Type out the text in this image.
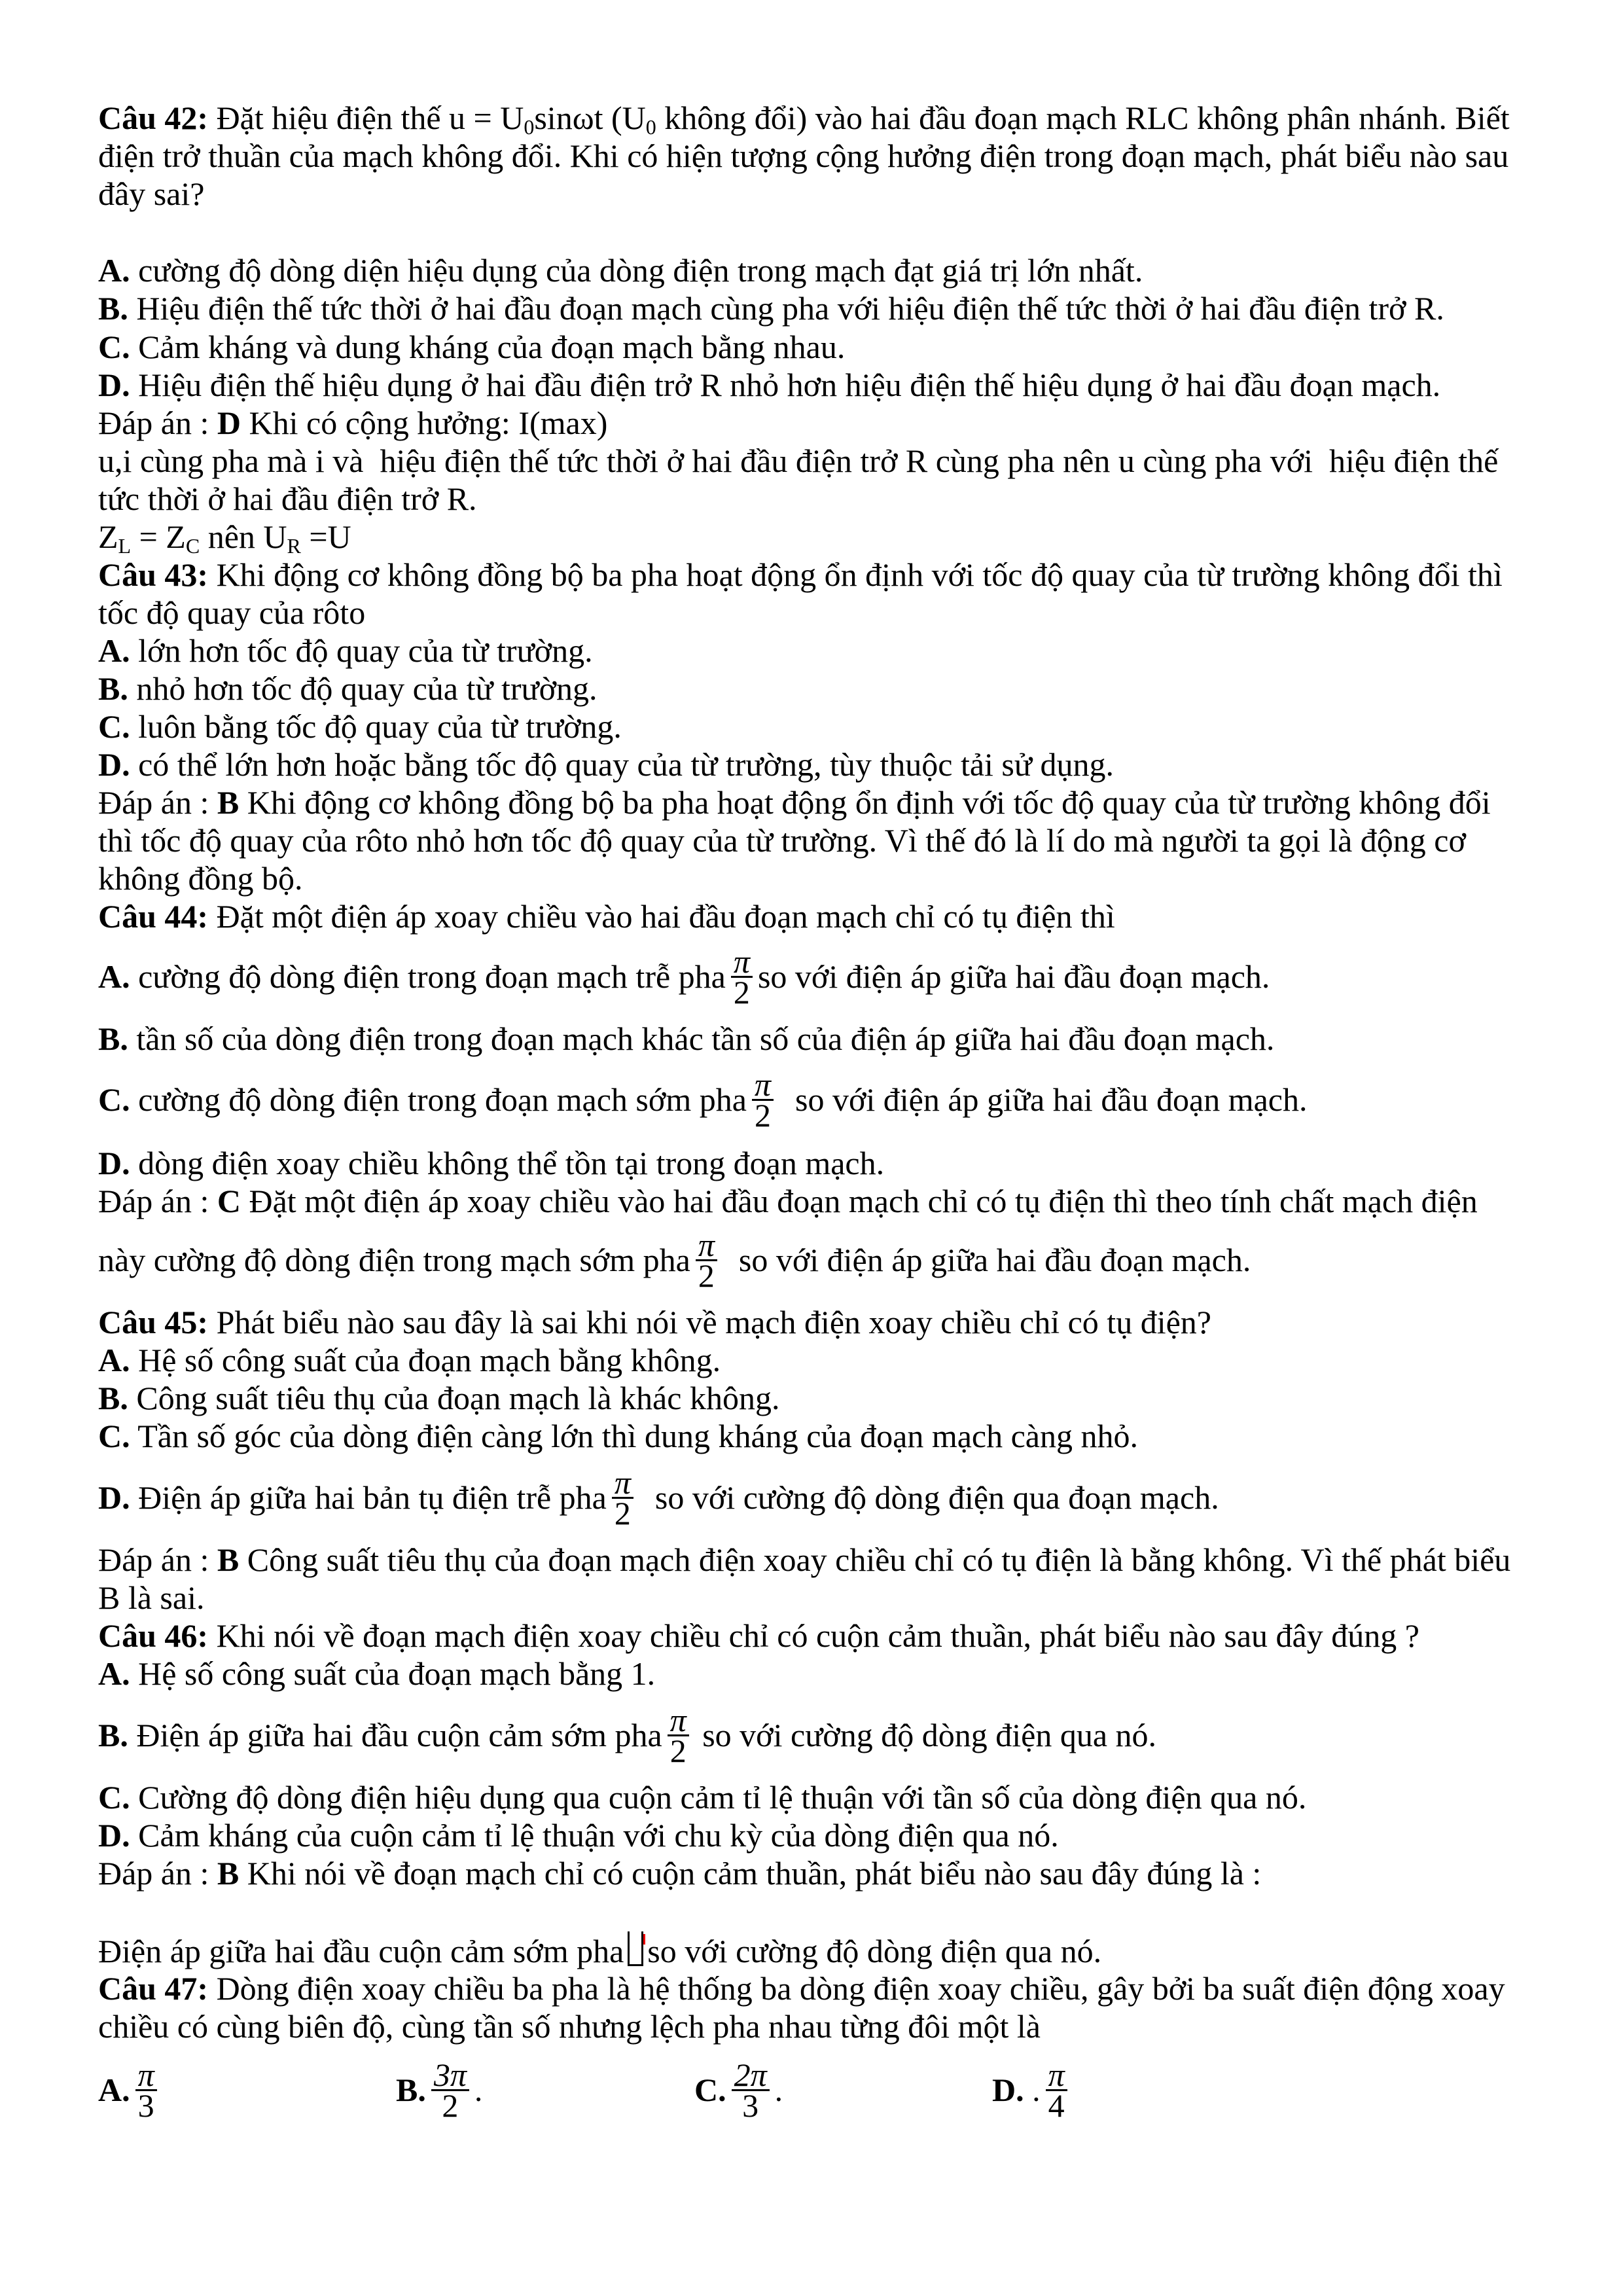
Câu 42: Đặt hiệu điện thế $u = U_0\sin\omega t$ ($U_0$ không đổi) vào hai đầu đoạn mạch RLC không phân nhánh. Biết
điện trở thuần của mạch không đổi. Khi có hiện tượng cộng hưởng điện trong đoạn mạch, phát biểu nào sau
đây sai?
A. cường độ dòng diện hiệu dụng của dòng điện trong mạch đạt giá trị lớn nhất.
B. Hiệu điện thế tức thời ở hai đầu đoạn mạch cùng pha với hiệu điện thế tức thời ở hai đầu điện trở R.
C. Cảm kháng và dung kháng của đoạn mạch bằng nhau.
D. Hiệu điện thế hiệu dụng ở hai đầu điện trở R nhỏ hơn hiệu điện thế hiệu dụng ở hai đầu đoạn mạch.
Đáp án : D Khi có cộng hưởng: I(max)
u,i cùng pha mà i và  hiệu điện thế tức thời ở hai đầu điện trở R cùng pha nên u cùng pha với  hiệu điện thế
tức thời ở hai đầu điện trở R.
$Z_L = Z_C$ nên $U_R =U$
Câu 43: Khi động cơ không đồng bộ ba pha hoạt động ổn định với tốc độ quay của từ trường không đổi thì
tốc độ quay của rôto
A. lớn hơn tốc độ quay của từ trường.
B. nhỏ hơn tốc độ quay của từ trường.
C. luôn bằng tốc độ quay của từ trường.
D. có thể lớn hơn hoặc bằng tốc độ quay của từ trường, tùy thuộc tải sử dụng.
Đáp án : B Khi động cơ không đồng bộ ba pha hoạt động ổn định với tốc độ quay của từ trường không đổi
thì tốc độ quay của rôto nhỏ hơn tốc độ quay của từ trường. Vì thế đó là lí do mà người ta gọi là động cơ
không đồng bộ.
Câu 44: Đặt một điện áp xoay chiều vào hai đầu đoạn mạch chỉ có tụ điện thì
A. cường độ dòng điện trong đoạn mạch trễ pha $\frac{\pi}{2}$ so với điện áp giữa hai đầu đoạn mạch.
B. tần số của dòng điện trong đoạn mạch khác tần số của điện áp giữa hai đầu đoạn mạch.
C. cường độ dòng điện trong đoạn mạch sớm pha $\frac{\pi}{2}$ so với điện áp giữa hai đầu đoạn mạch.
D. dòng điện xoay chiều không thể tồn tại trong đoạn mạch.
Đáp án : C Đặt một điện áp xoay chiều vào hai đầu đoạn mạch chỉ có tụ điện thì theo tính chất mạch điện
này cường độ dòng điện trong mạch sớm pha $\frac{\pi}{2}$ so với điện áp giữa hai đầu đoạn mạch.
Câu 45: Phát biểu nào sau đây là sai khi nói về mạch điện xoay chiều chỉ có tụ điện?
A. Hệ số công suất của đoạn mạch bằng không.
B. Công suất tiêu thụ của đoạn mạch là khác không.
C. Tần số góc của dòng điện càng lớn thì dung kháng của đoạn mạch càng nhỏ.
D. Điện áp giữa hai bản tụ điện trễ pha $\frac{\pi}{2}$ so với cường độ dòng điện qua đoạn mạch.
Đáp án : B Công suất tiêu thụ của đoạn mạch điện xoay chiều chỉ có tụ điện là bằng không. Vì thế phát biểu
B là sai.
Câu 46: Khi nói về đoạn mạch điện xoay chiều chỉ có cuộn cảm thuần, phát biểu nào sau đây đúng ?
A. Hệ số công suất của đoạn mạch bằng 1.
B. Điện áp giữa hai đầu cuộn cảm sớm pha $\frac{\pi}{2}$ so với cường độ dòng điện qua nó.
C. Cường độ dòng điện hiệu dụng qua cuộn cảm tỉ lệ thuận với tần số của dòng điện qua nó.
D. Cảm kháng của cuộn cảm tỉ lệ thuận với chu kỳ của dòng điện qua nó.
Đáp án : B Khi nói về đoạn mạch chỉ có cuộn cảm thuần, phát biểu nào sau đây đúng là :
Điện áp giữa hai đầu cuộn cảm sớm pha so với cường độ dòng điện qua nó.
Câu 47: Dòng điện xoay chiều ba pha là hệ thống ba dòng điện xoay chiều, gây bởi ba suất điện động xoay
chiều có cùng biên độ, cùng tần số nhưng lệch pha nhau từng đôi một là
A. $\frac{\pi}{3}$	B. $\frac{3\pi}{2}$ .	C. $\frac{2\pi}{3}$ .	D. . $\frac{\pi}{4}$
